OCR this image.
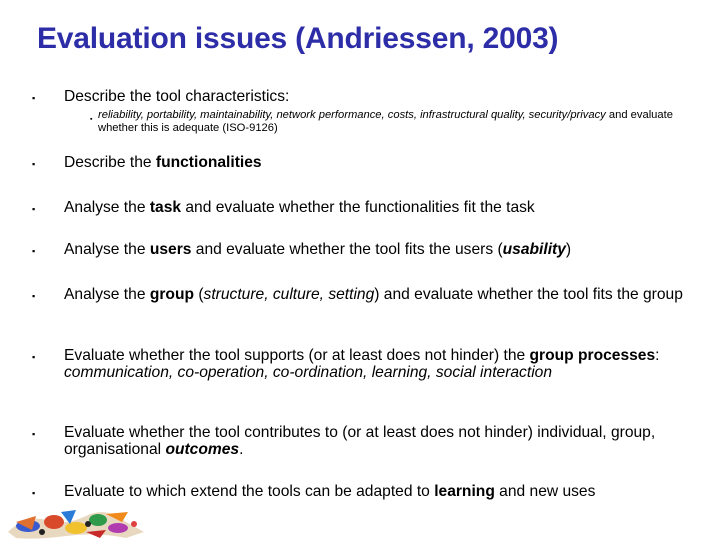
Evaluation issues (Andriessen, 2003)
▪ Describe the tool characteristics:
▪ reliability, portability, maintainability, network performance, costs, infrastructural quality, security/privacy and evaluate whether this is adequate (ISO-9126)
▪ Describe the functionalities
▪ Analyse the task and evaluate whether the functionalities fit the task
▪ Analyse the users and evaluate whether the tool fits the users (usability)
▪ Analyse the group (structure, culture, setting) and evaluate whether the tool fits the group
▪ Evaluate whether the tool supports (or at least does not hinder) the group processes: communication, co-operation, co-ordination, learning, social interaction
▪ Evaluate whether the tool contributes to (or at least does not hinder) individual, group, organisational outcomes.
▪ Evaluate to which extend the tools can be adapted to learning and new uses
